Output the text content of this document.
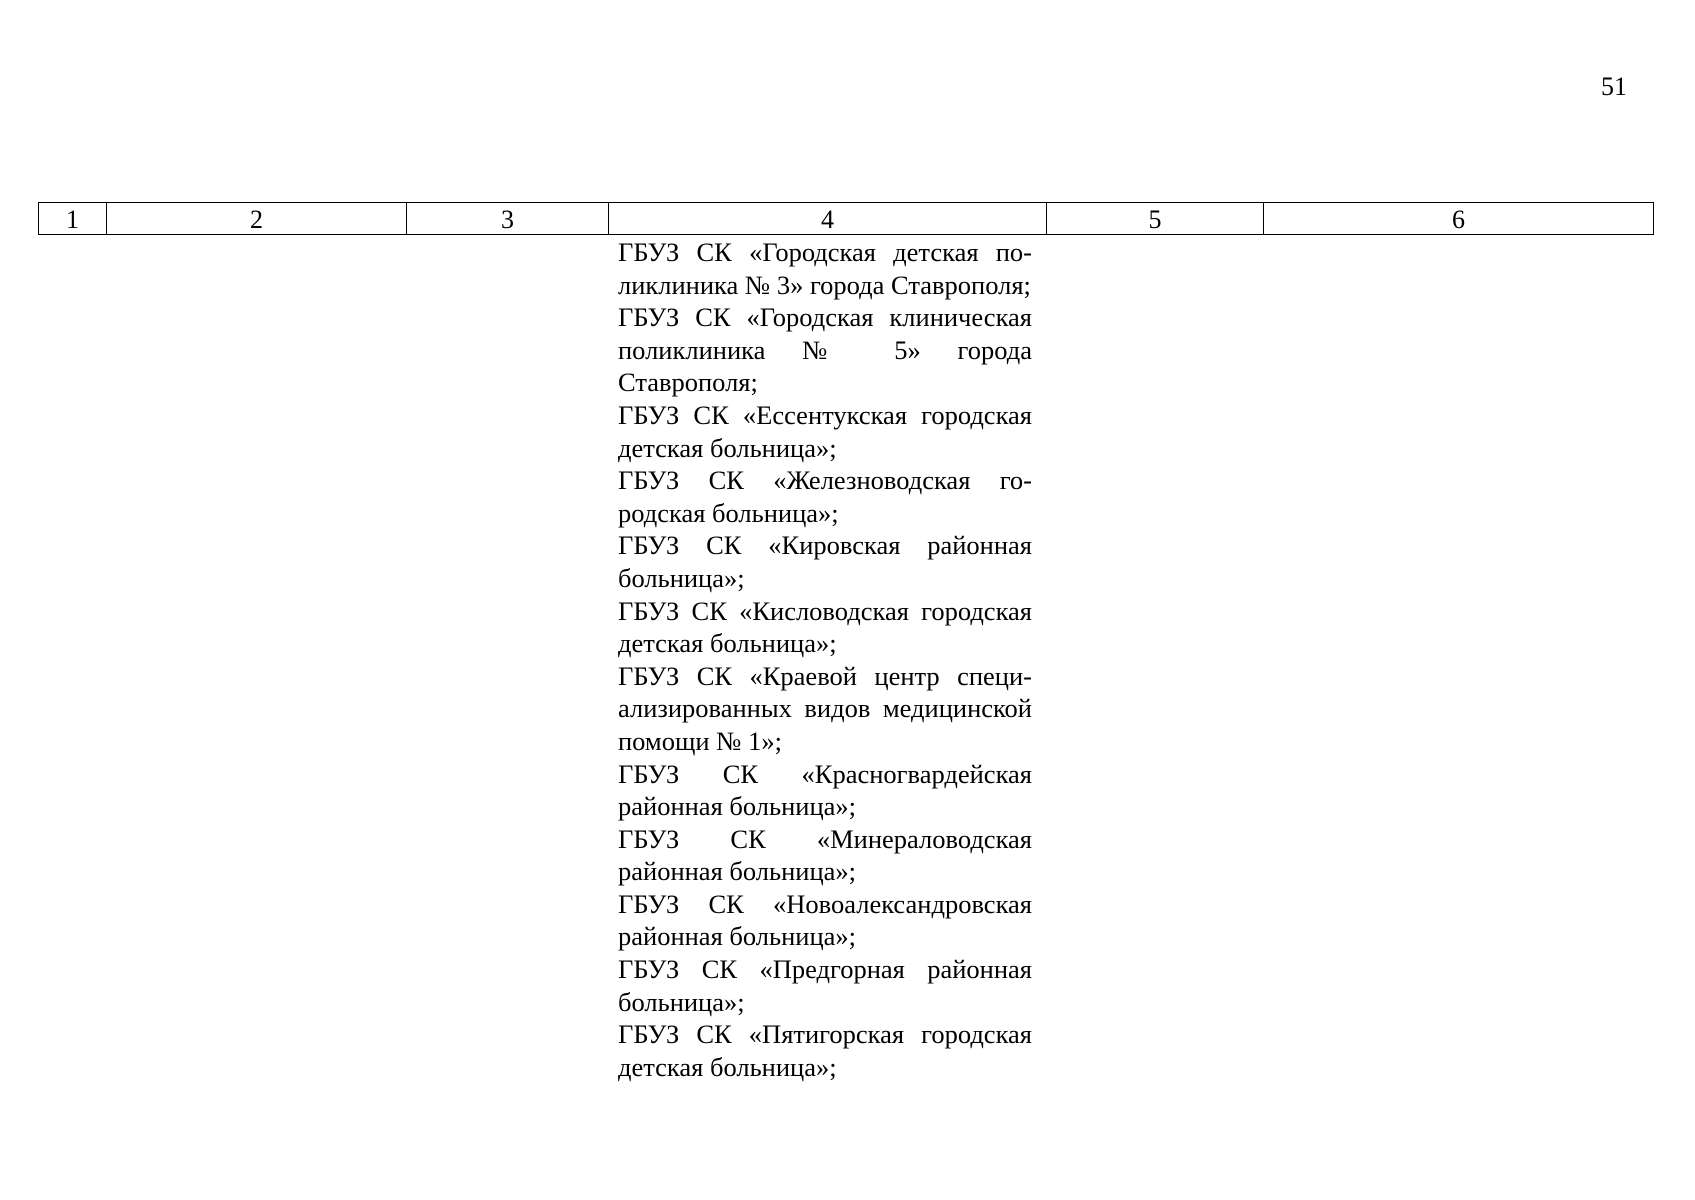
51
1	2	3	4	5	6

ГБУЗ СК «Городская детская поликлиника № 3» города Ставрополя;

ГБУЗ СК «Городская клиническая поликлиника № 5» города Ставрополя;

ГБУЗ СК «Ессентукская городская детская больница»;

ГБУЗ СК «Железноводская городская больница»;

ГБУЗ СК «Кировская районная больница»;

ГБУЗ СК «Кисловодская городская детская больница»;

ГБУЗ СК «Краевой центр специализированных видов медицинской помощи № 1»;

ГБУЗ СК «Красногвардейская районная больница»;

ГБУЗ СК «Минераловодская районная больница»;

ГБУЗ СК «Новоалександровская районная больница»;

ГБУЗ СК «Предгорная районная больница»;

ГБУЗ СК «Пятигорская городская детская больница»;
